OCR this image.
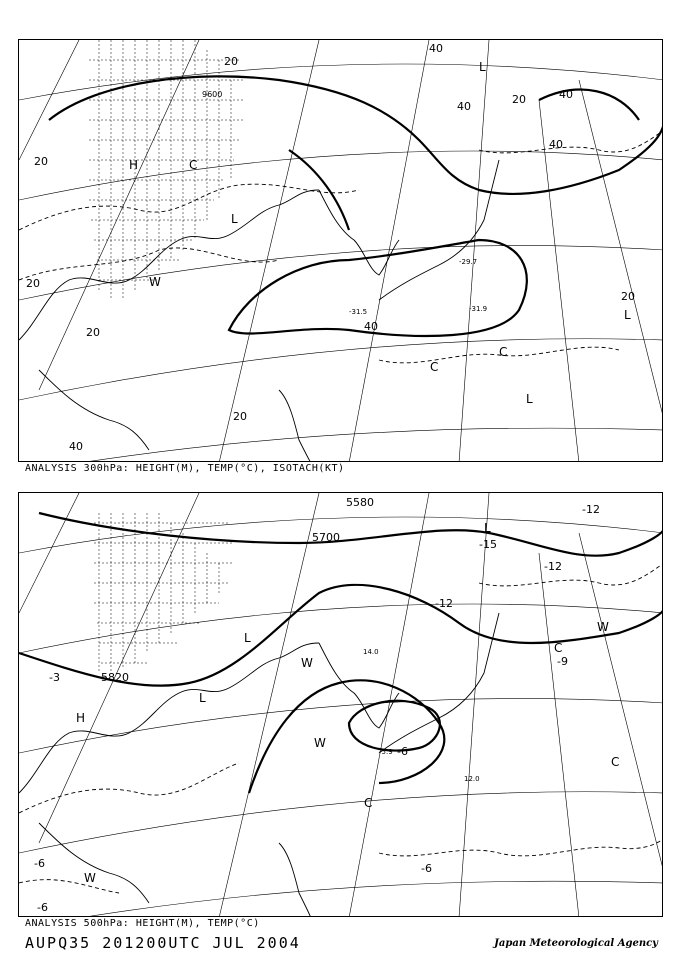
20
20
20
20
20
20
20
40
40
40
40
40
40
H
L
L
L
L
C
C
C
W
9600
-31.5
-29.7
-31.9
ANALYSIS 300hPa: HEIGHT(M), TEMP(°C), ISOTACH(KT)
5700
5820
5580
-15
-12
-12
-12
-9
-6
-6	-6
-3
-6
H
L
L
L
W
W
W
W
C
C
C
-5.9
14.0
12.0
ANALYSIS 500hPa: HEIGHT(M), TEMP(°C)
AUPQ35 201200UTC JUL 2004	Japan Meteorological Agency
